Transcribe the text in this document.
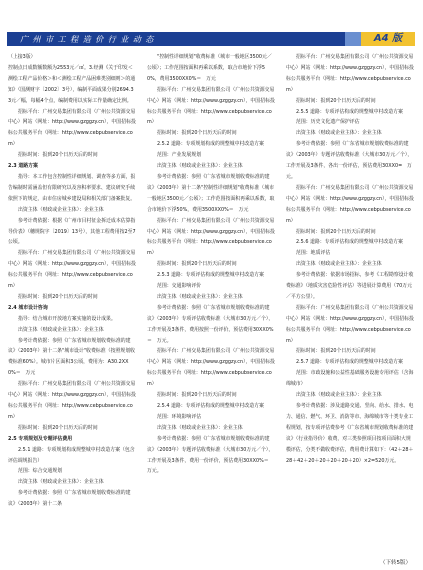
广 州 市 工 程 造 价 行 业 动 态	A4 版

（上接3版）

控制点日成数额数额为2553元／㎡。3.经测《关于印发＜测绘工程产品价格＞和＜测绘工程产品困难类别细则＞的通知》（国测财字〔2002〕3号），编制平面成果分别2694.33元／幅，每幅4个点，编制费用以实际工作量确定比例。

招标平台：广州交易集团有限公司（广州公共资源交易中心）网站（网址：http://www.gzggzy.cn），中国招标投标公共服务平台（网址：http://www.cebpubservice.com）

招标时间：报到20个日历天后的时间

2.3 道路方案

指导：本工作包含控制性详细规划、调查等多方面，报告编制时需涵盖但有限研究以及容积率要求、建议研究手续依照下的规定，由市住房城乡建设局和相关部门备案批复。

出资主体（财政或企业主体）：企业主体

参考计费依据：根据《广州市目村征金拆迁成本估算指导价表》（穗规院字〔2019〕13号），其他工程费用按2至7公顷。

招标平台：广州交易集团有限公司（广州公共资源交易中心）网站（网址：http://www.gzggzy.cn），中国招标投标公共服务平台（网址：http://www.cebpubservice.com）

招标时间：报到20个日历天后的时间

2.4 城市设计咨询

指导：结合城市开放地方案实施的设计成果。

出资主体（财政或企业主体）：企业主体

参考计费依据：参照《广东省城市规划收费标准的建议》（2003年）第十二条"城市设计"收费标准（按照规划收费标准60%）。城市片区面积3公顷，费用为：A30.2ⅩⅩ0%＝　万元

招标平台：广州交易集团有限公司（广州公共资源交易中心）网站（网址：http://www.gzggzy.cn），中国招标投标公共服务平台（网址：http://www.cebpubservice.com）

招标时间：报到20个日历天后的时间

2.5 专项规划及专题评估费用

2.5.1 道路：专项规划构成规整城中村改造方案（包含评估调规报告）

范围：综合交通规划

出资主体（财政或企业主体）：企业主体

参考计费依据：参照《广东省城市规划收费标准的建议》（2003年）第十二条

"控制性详细规划"收费标准（城市一般地区3500元／公顷）；工作范围按面积再乘以系数，取合市地价下浮50%，费用3500XⅩ0%＝　万元

招标平台：广州交易集团有限公司（广州公共资源交易中心）网站（网址：http://www.gzggzy.cn），中国招标投标公共服务平台（网址：http://www.cebpubservice.com）

招标时间：报到20个日历天后的时间

2.5.2 道路：专项规划构成的规整城中村改造方案

范围：产业发展规划

出资主体（财政或企业主体）：企业主体

参考计费依据：参照《广东省城市规划收费标准的建议》（2003年）第十二条"控制性详细规划"收费标准（城市一般地区3500元／公顷）；工作范围按面积再乘以系数，取合市地价下浮50%，费用3500XⅩ0%＝　万元

招标平台：广州交易集团有限公司（广州公共资源交易中心）网站（网址：http://www.gzggzy.cn），中国招标投标公共服务平台（网址：http://www.cebpubservice.com）

招标时间：报到20个日历天后的时间

2.5.3 道路：专项评估构成的规整城中村改造方案

范围：交通影响评价

出资主体（财政或企业主体）：企业主体

参考计费依据：参照《广东省城市规划收费标准的建议》（2003年）专项评估收费标准（大城市30万元／个），工作开展及3条件，费用按照一份评价，预估费用30XⅩ0%＝　万元。

招标平台：广州交易集团有限公司（广州公共资源交易中心）网站（网址：http://www.gzggzy.cn），中国招标投标公共服务平台（网址：http://www.cebpubservice.com）

招标时间：报到20个日历天后的时间

2.5.4 道路：专项评估构成的规整城中村改造方案

范围：环境影响评估

出资主体（财政或企业主体）：企业主体

参考计费依据：参照《广东省城市规划收费标准的建议》（2003年）专题评估收费标准（大城市30万元／个），工作开展及3条件，费用一份评价，预估费用30XⅩ0%＝　万元。

招标平台：广州交易集团有限公司（广州公共资源交易中心）网站（网址：http://www.gzggzy.cn），中国招标投标公共服务平台（网址：http://www.cebpubservice.com）

招标时间：报到20个日历天后的时间

2.5.5 道路：专项评估构成的规整城中村改造方案

范围：历史文化遗产保护评估

出资主体（财政或企业主体）：企业主体

参考计费依据：参照《广东省城市规划收费标准的建议》（2003年）专题评估收费标准（大城市30万元／个），工作开展及3条件，各出一份评估，预估费用30XⅩ0=　万元。

招标平台：广州交易集团有限公司（广州公共资源交易中心）网站（网址：http://www.gzggzy.cn），中国招标投标公共服务平台（网址：http://www.cebpubservice.com）

招标时间：报到20个日历天后的时间

2.5.6 道路：专项评估构成的规整城中村改造方案

范围：地质评估

出资主体（财政或企业主体）：企业主体

参考计费依据：依据市场招标，参考《工程勘察设计收费标准》（地质灾害危险性评估）等进展计算费用（70万元／平方公里）。

招标平台：广州交易集团有限公司（广州公共资源交易中心）网站（网址：http://www.gzggzy.cn），中国招标投标公共服务平台（网址：http://www.cebpubservice.com）

招标时间：报到20个日历天后的时间

2.5.7 道路：专项评估构成的规整城中村改造方案

范围：市政设施和公益性基础服务设施专用评估（含海绵城市）

出资主体（财政或企业主体）：企业主体

参考计费依据：涉及道路交通、竖向、给水、排水、电力、通信、燃气、环卫、消防等市、海绵城市等十类专业工程规划，按专项评估费参考《广东省城市规划收费标准的建议》（行业指导价）收费，对三类参照项目按项目面积大规模评估，分类不做收费评估，费用费计算如下：（42＋28＋28＋42＋20＋20＋20＋20＋20）×2=520万元。

（下转5版）
